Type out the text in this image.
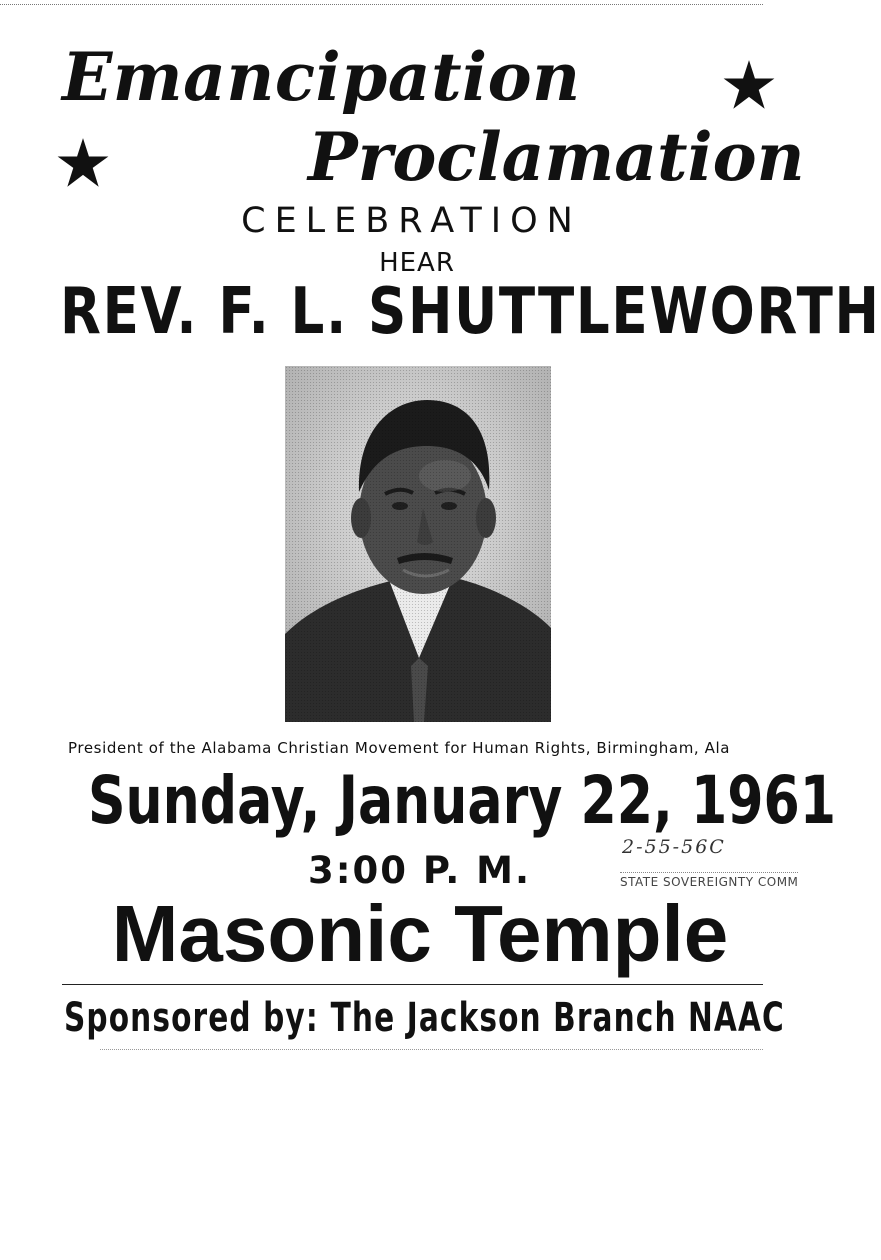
Emancipation
Proclamation
CELEBRATION
HEAR
REV. F. L. SHUTTLEWORTH
President of the Alabama Christian Movement for Human Rights, Birmingham, Ala
Sunday, January 22, 1961
2-55-56C
3:00 P. M.	STATE SOVEREIGNTY COMM
Masonic Temple
Sponsored by: The Jackson Branch NAAC
